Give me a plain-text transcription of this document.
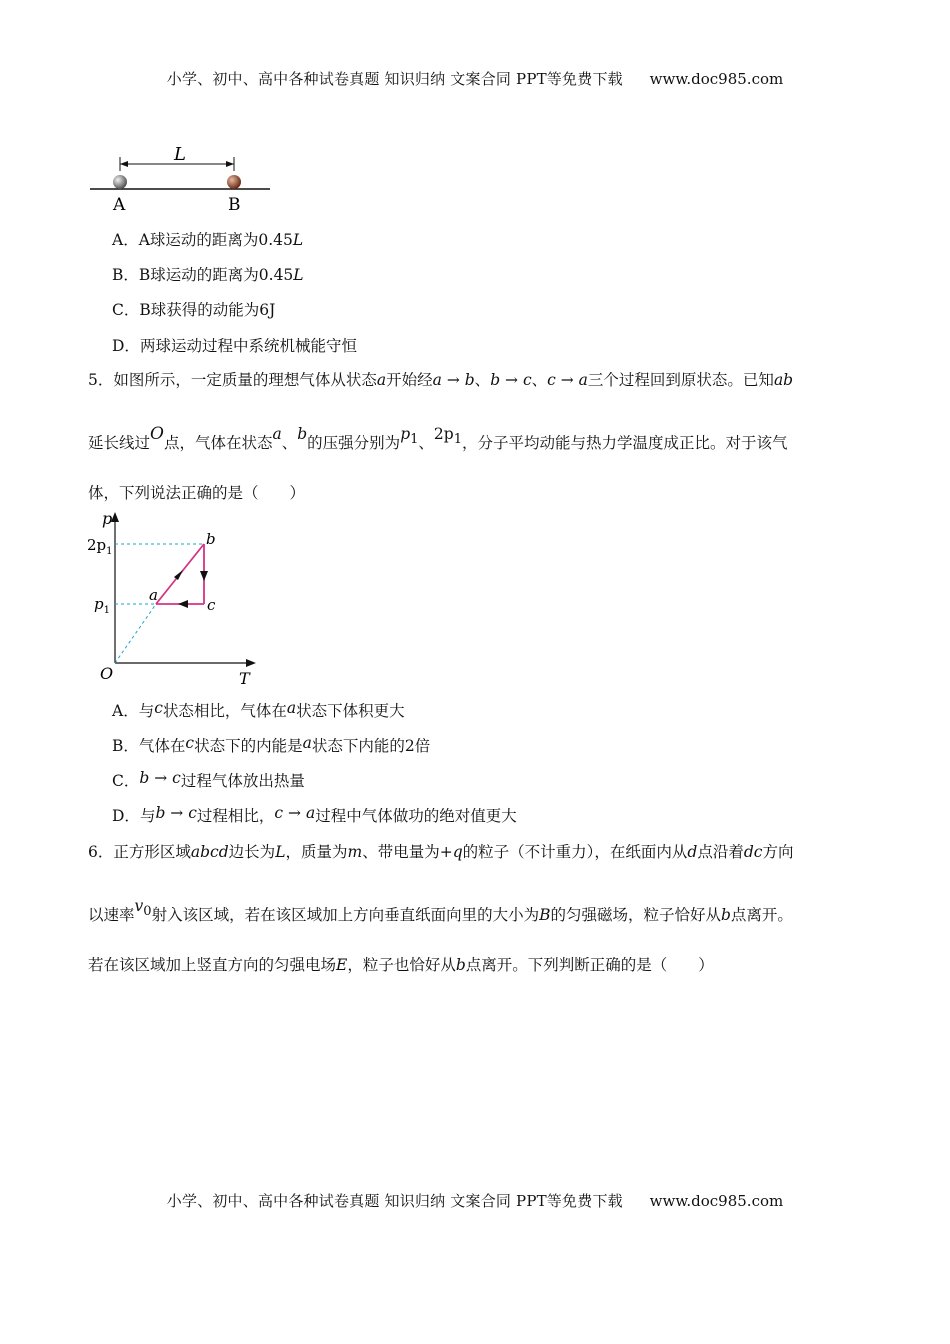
小学、初中、高中各种试卷真题 知识归纳 文案合同 PPT等免费下载 www.doc985.com
L
A	B
A．A球运动的距离为0.45L
B．B球运动的距离为0.45L
C．B球获得的动能为6J
D．两球运动过程中系统机械能守恒
5．如图所示，一定质量的理想气体从状态a开始经a → b、b → c、c → a三个过程回到原状态。已知ab
延长线过O点，气体在状态a、b的压强分别为$p_1$、$2p_1$，分子平均动能与热力学温度成正比。对于该气
体，下列说法正确的是（　　）
p
T
O
$2p_1$
$p_1$
a
b
c
A．与c状态相比，气体在a状态下体积更大
B．气体在c状态下的内能是a状态下内能的2倍
C．b → c过程气体放出热量
D．与b → c过程相比，c → a过程中气体做功的绝对值更大
6．正方形区域abcd边长为L，质量为m、带电量为+q的粒子（不计重力），在纸面内从d点沿着dc方向
以速率$v_0$射入该区域，若在该区域加上方向垂直纸面向里的大小为B的匀强磁场，粒子恰好从b点离开。
若在该区域加上竖直方向的匀强电场E，粒子也恰好从b点离开。下列判断正确的是（　　）
小学、初中、高中各种试卷真题 知识归纳 文案合同 PPT等免费下载 www.doc985.com
